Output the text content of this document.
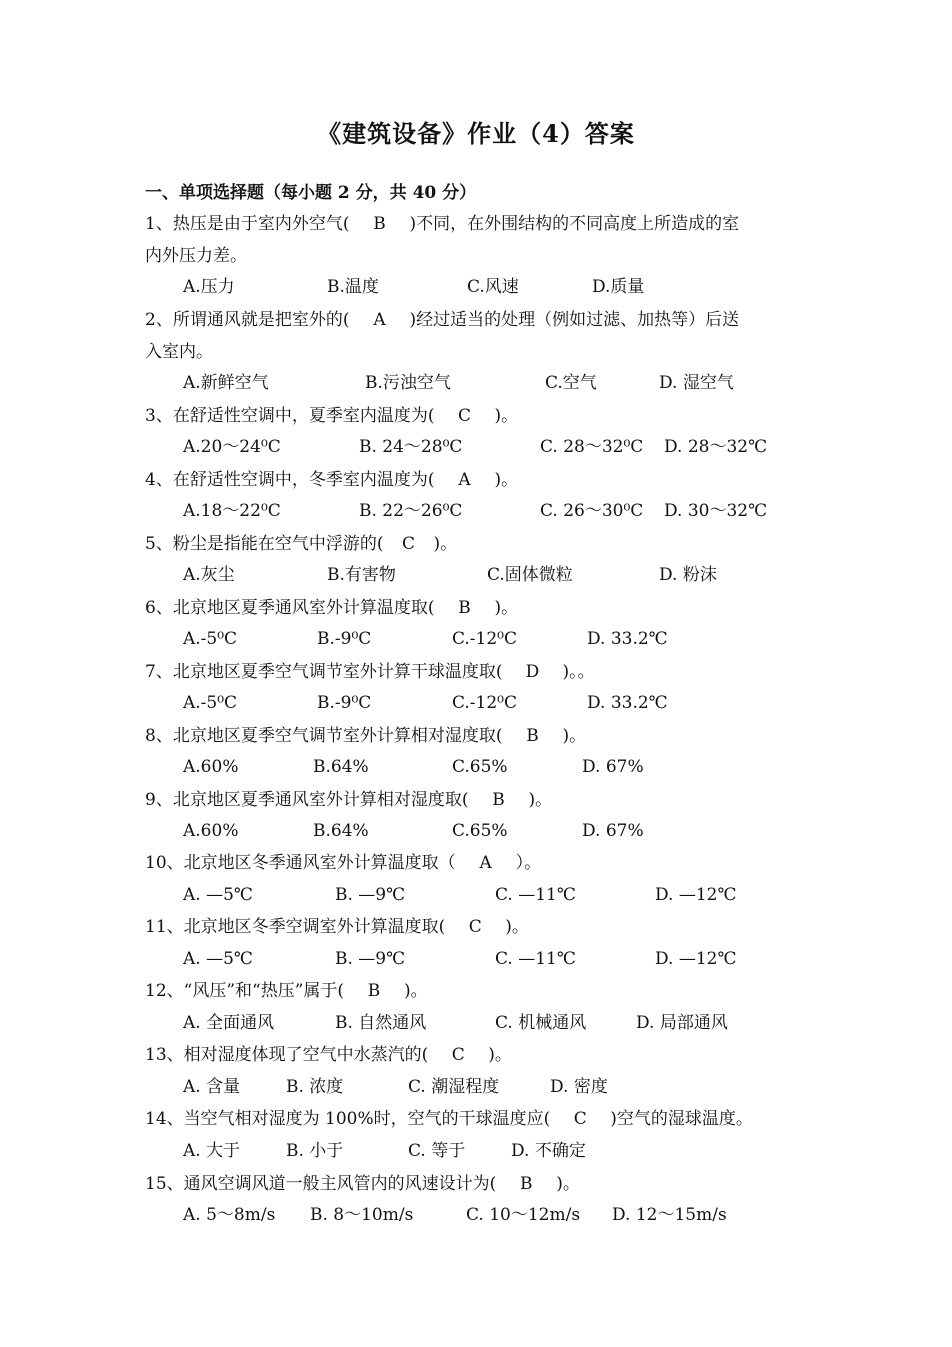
《建筑设备》作业（4）答案
一、单项选择题（每小题 2 分，共 40 分）
1、热压是由于室内外空气( B )不同，在外围结构的不同高度上所造成的室
内外压力差。
A.压力	B.温度	C.风速	D.质量
2、所谓通风就是把室外的( A )经过适当的处理（例如过滤、加热等）后送
入室内。
A.新鲜空气	B.污浊空气	C.空气	D. 湿空气
3、在舒适性空调中，夏季室内温度为( C )。
A.20～24⁰C	B. 24～28⁰C	C. 28～32⁰C D. 28～32℃
4、在舒适性空调中，冬季室内温度为( A )。
A.18～22⁰C	B. 22～26⁰C	C. 26～30⁰C D. 30～32℃
5、粉尘是指能在空气中浮游的( C )。
A.灰尘	B.有害物	C.固体微粒	D. 粉沫
6、北京地区夏季通风室外计算温度取( B )。
A.-5⁰C	B.-9⁰C	C.-12⁰C	D. 33.2℃
7、北京地区夏季空气调节室外计算干球温度取( D )。。
A.-5⁰C	B.-9⁰C	C.-12⁰C	D. 33.2℃
8、北京地区夏季空气调节室外计算相对湿度取( B )。
A.60%	B.64%	C.65%	D. 67%
9、北京地区夏季通风室外计算相对湿度取( B )。
A.60%	B.64%	C.65%	D. 67%
10、北京地区冬季通风室外计算温度取（ A ）。
A. —5℃	B. —9℃	C. —11℃	D. —12℃
11、北京地区冬季空调室外计算温度取( C )。
A. —5℃	B. —9℃	C. —11℃	D. —12℃
12、“风压”和“热压”属于( B )。
A. 全面通风	B. 自然通风	C. 机械通风	D. 局部通风
13、相对湿度体现了空气中水蒸汽的( C )。
A. 含量	B. 浓度	C. 潮湿程度	D. 密度
14、当空气相对湿度为 100%时，空气的干球温度应( C )空气的湿球温度。
A. 大于	B. 小于	C. 等于	D. 不确定
15、通风空调风道一般主风管内的风速设计为( B )。
A. 5～8m/s B. 8～10m/s	C. 10～12m/s D. 12～15m/s
